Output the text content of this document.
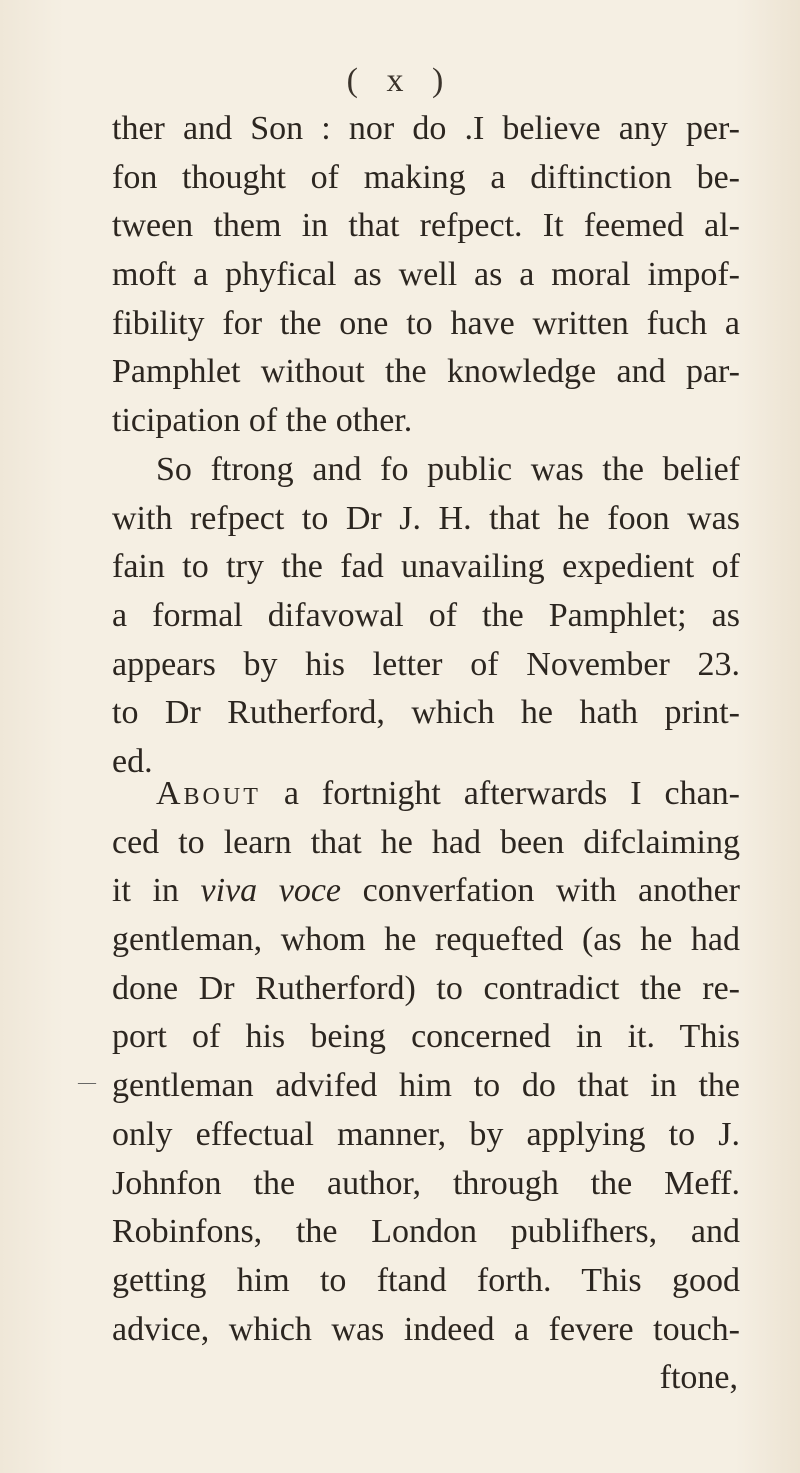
( x )
ther and Son : nor do .I believe any per-
fon thought of making a diftinction be-
tween them in that refpect. It feemed al-
moft a phyfical as well as a moral impof-
fibility for the one to have written fuch a
Pamphlet without the knowledge and par-
ticipation of the other.
So ftrong and fo public was the belief
with refpect to Dr J. H. that he foon was
fain to try the fad unavailing expedient of
a formal difavowal of the Pamphlet; as
appears by his letter of November 23.
to Dr Rutherford, which he hath print-
ed.
About a fortnight afterwards I chan-
ced to learn that he had been difclaiming
it in viva voce converfation with another
gentleman, whom he requefted (as he had
done Dr Rutherford) to contradict the re-
port of his being concerned in it. This
gentleman advifed him to do that in the
only effectual manner, by applying to J.
Johnfon the author, through the Meff.
Robinfons, the London publifhers, and
getting him to ftand forth. This good
advice, which was indeed a fevere touch-
ftone,
—
